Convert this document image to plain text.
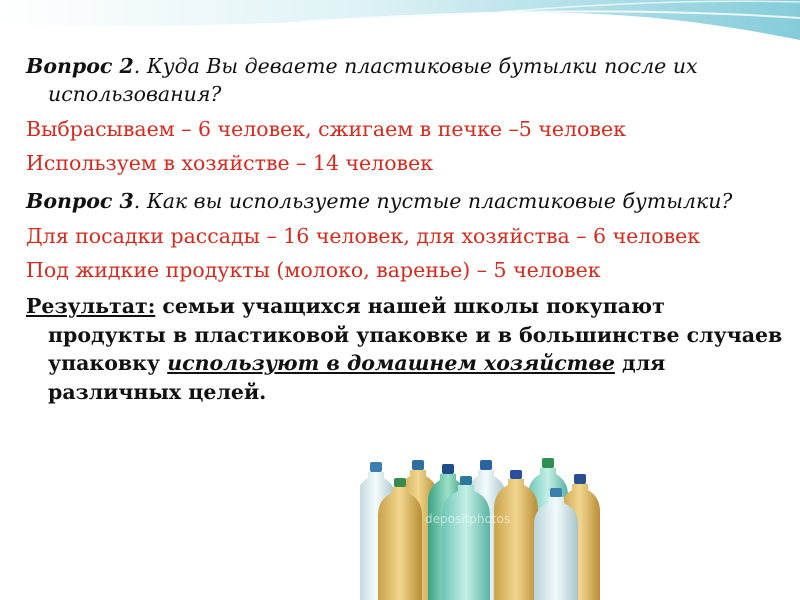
Вопрос 2. Куда Вы деваете пластиковые бутылки после их использования?

Выбрасываем – 6 человек, сжигаем в печке –5 человек

Используем в хозяйстве – 14 человек

Вопрос 3. Как вы используете пустые пластиковые бутылки?

Для посадки рассады – 16 человек, для хозяйства – 6 человек

Под жидкие продукты (молоко, варенье) – 5 человек

Результат: семьи учащихся нашей школы покупают продукты в пластиковой упаковке и в большинстве случаев упаковку используют в домашнем хозяйстве для различных целей.

depositphotos
